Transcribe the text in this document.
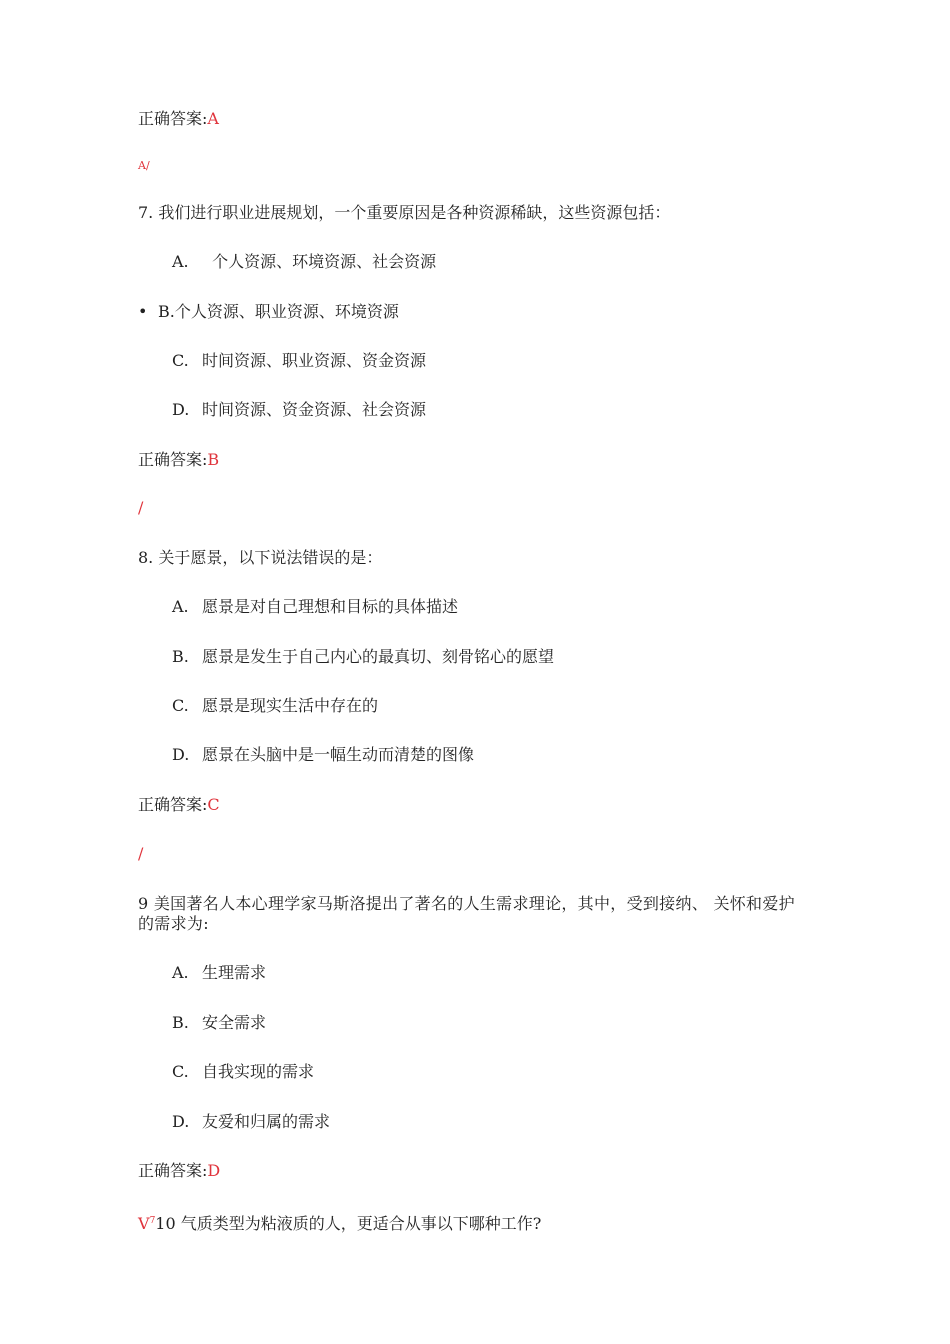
正确答案:A
A/
7. 我们进行职业进展规划，一个重要原因是各种资源稀缺，这些资源包括：
A.  个人资源、环境资源、社会资源
• B.个人资源、职业资源、环境资源
C. 时间资源、职业资源、资金资源
D. 时间资源、资金资源、社会资源
正确答案:B
/
8. 关于愿景，以下说法错误的是：
A. 愿景是对自己理想和目标的具体描述
B. 愿景是发生于自己内心的最真切、刻骨铭心的愿望
C. 愿景是现实生活中存在的
D. 愿景在头脑中是一幅生动而清楚的图像
正确答案:C
/
9 美国著名人本心理学家马斯洛提出了著名的人生需求理论，其中，受到接纳、 关怀和爱护的需求为:
A. 生理需求
B. 安全需求
C. 自我实现的需求
D. 友爱和归属的需求
正确答案:D
$V^710$ 气质类型为粘液质的人，更适合从事以下哪种工作?
